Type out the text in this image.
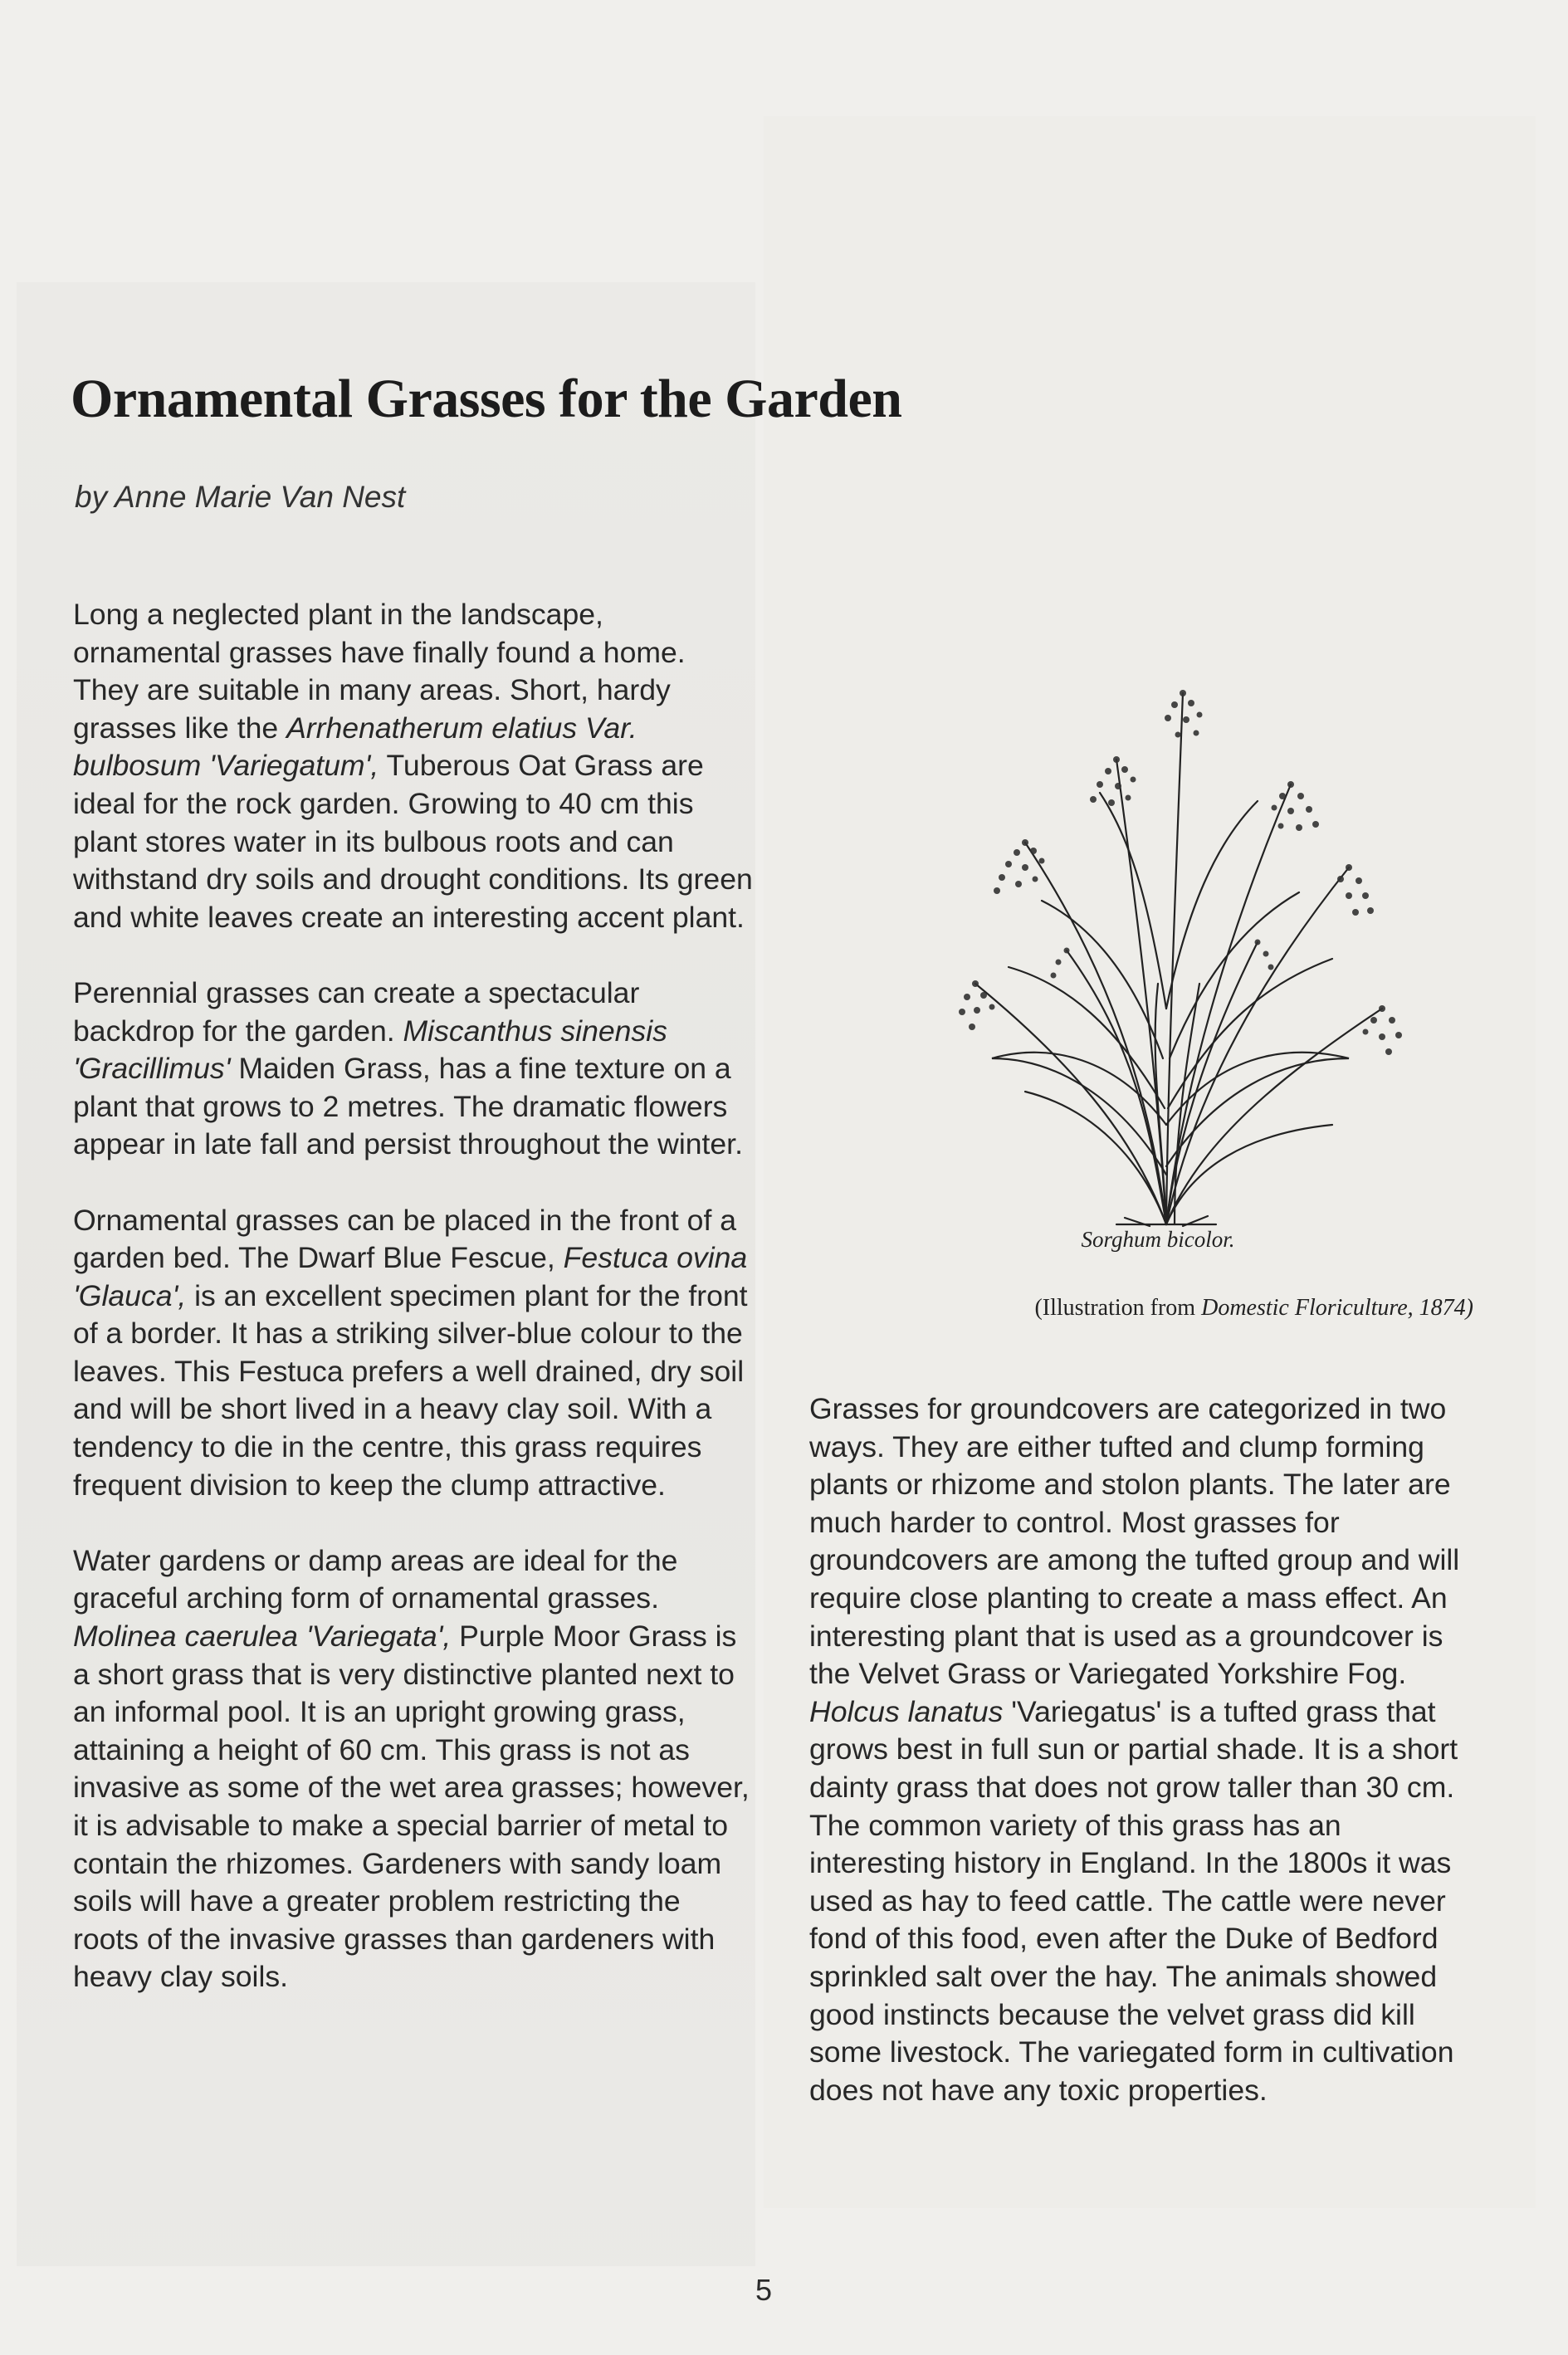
Ornamental Grasses for the Garden
by Anne Marie Van Nest

Long a neglected plant in the landscape, ornamental grasses have finally found a home. They are suitable in many areas. Short, hardy grasses like the Arrhenatherum elatius Var. bulbosum 'Variegatum', Tuberous Oat Grass are ideal for the rock garden. Growing to 40 cm this plant stores water in its bulbous roots and can withstand dry soils and drought conditions. Its green and white leaves create an interesting accent plant.

Perennial grasses can create a spectacular backdrop for the garden. Miscanthus sinensis 'Gracillimus' Maiden Grass, has a fine texture on a plant that grows to 2 metres. The dramatic flowers appear in late fall and persist throughout the winter.

Ornamental grasses can be placed in the front of a garden bed. The Dwarf Blue Fescue, Festuca ovina 'Glauca', is an excellent specimen plant for the front of a border. It has a striking silver-blue colour to the leaves. This Festuca prefers a well drained, dry soil and will be short lived in a heavy clay soil. With a tendency to die in the centre, this grass requires frequent division to keep the clump attractive.

Water gardens or damp areas are ideal for the graceful arching form of ornamental grasses. Molinea caerulea 'Variegata', Purple Moor Grass is a short grass that is very distinctive planted next to an informal pool. It is an upright growing grass, attaining a height of 60 cm. This grass is not as invasive as some of the wet area grasses; however, it is advisable to make a special barrier of metal to contain the rhizomes. Gardeners with sandy loam soils will have a greater problem restricting the roots of the invasive grasses than gardeners with heavy clay soils.

Sorghum bicolor.
(Illustration from Domestic Floriculture, 1874)

Grasses for groundcovers are categorized in two ways. They are either tufted and clump forming plants or rhizome and stolon plants. The later are much harder to control. Most grasses for groundcovers are among the tufted group and will require close planting to create a mass effect. An interesting plant that is used as a groundcover is the Velvet Grass or Variegated Yorkshire Fog. Holcus lanatus 'Variegatus' is a tufted grass that grows best in full sun or partial shade. It is a short dainty grass that does not grow taller than 30 cm. The common variety of this grass has an interesting history in England. In the 1800s it was used as hay to feed cattle. The cattle were never fond of this food, even after the Duke of Bedford sprinkled salt over the hay. The animals showed good instincts because the velvet grass did kill some livestock. The variegated form in cultivation does not have any toxic properties.

5
